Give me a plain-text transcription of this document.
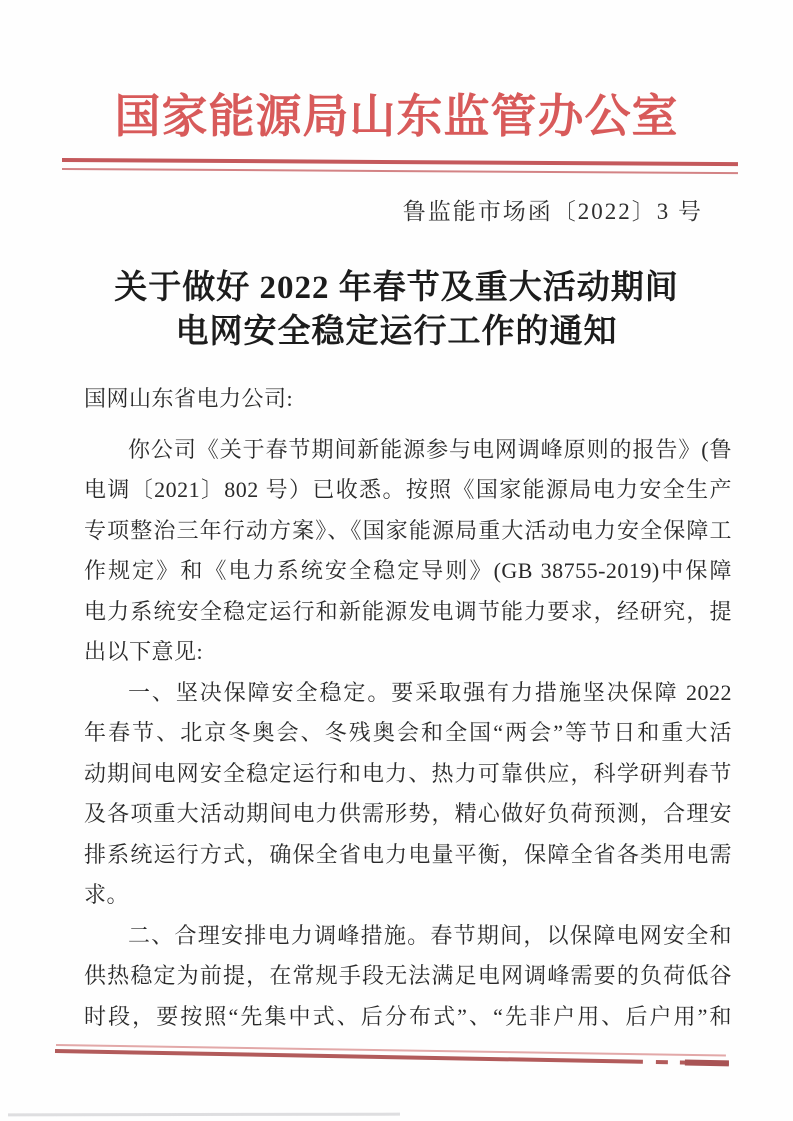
国家能源局山东监管办公室
鲁监能市场函〔2022〕3 号
关于做好 2022 年春节及重大活动期间
电网安全稳定运行工作的通知
国网山东省电力公司:
你公司《关于春节期间新能源参与电网调峰原则的报告》(鲁
电调〔2021〕802 号）已收悉。按照《国家能源局电力安全生产
专项整治三年行动方案》、《国家能源局重大活动电力安全保障工
作规定》和《电力系统安全稳定导则》(GB 38755-2019)中保障
电力系统安全稳定运行和新能源发电调节能力要求，经研究，提
出以下意见:
一、坚决保障安全稳定。要采取强有力措施坚决保障 2022
年春节、北京冬奥会、冬残奥会和全国“两会”等节日和重大活
动期间电网安全稳定运行和电力、热力可靠供应，科学研判春节
及各项重大活动期间电力供需形势，精心做好负荷预测，合理安
排系统运行方式，确保全省电力电量平衡，保障全省各类用电需
求。
二、合理安排电力调峰措施。春节期间，以保障电网安全和
供热稳定为前提，在常规手段无法满足电网调峰需要的负荷低谷
时段，要按照“先集中式、后分布式”、“先非户用、后户用”和
